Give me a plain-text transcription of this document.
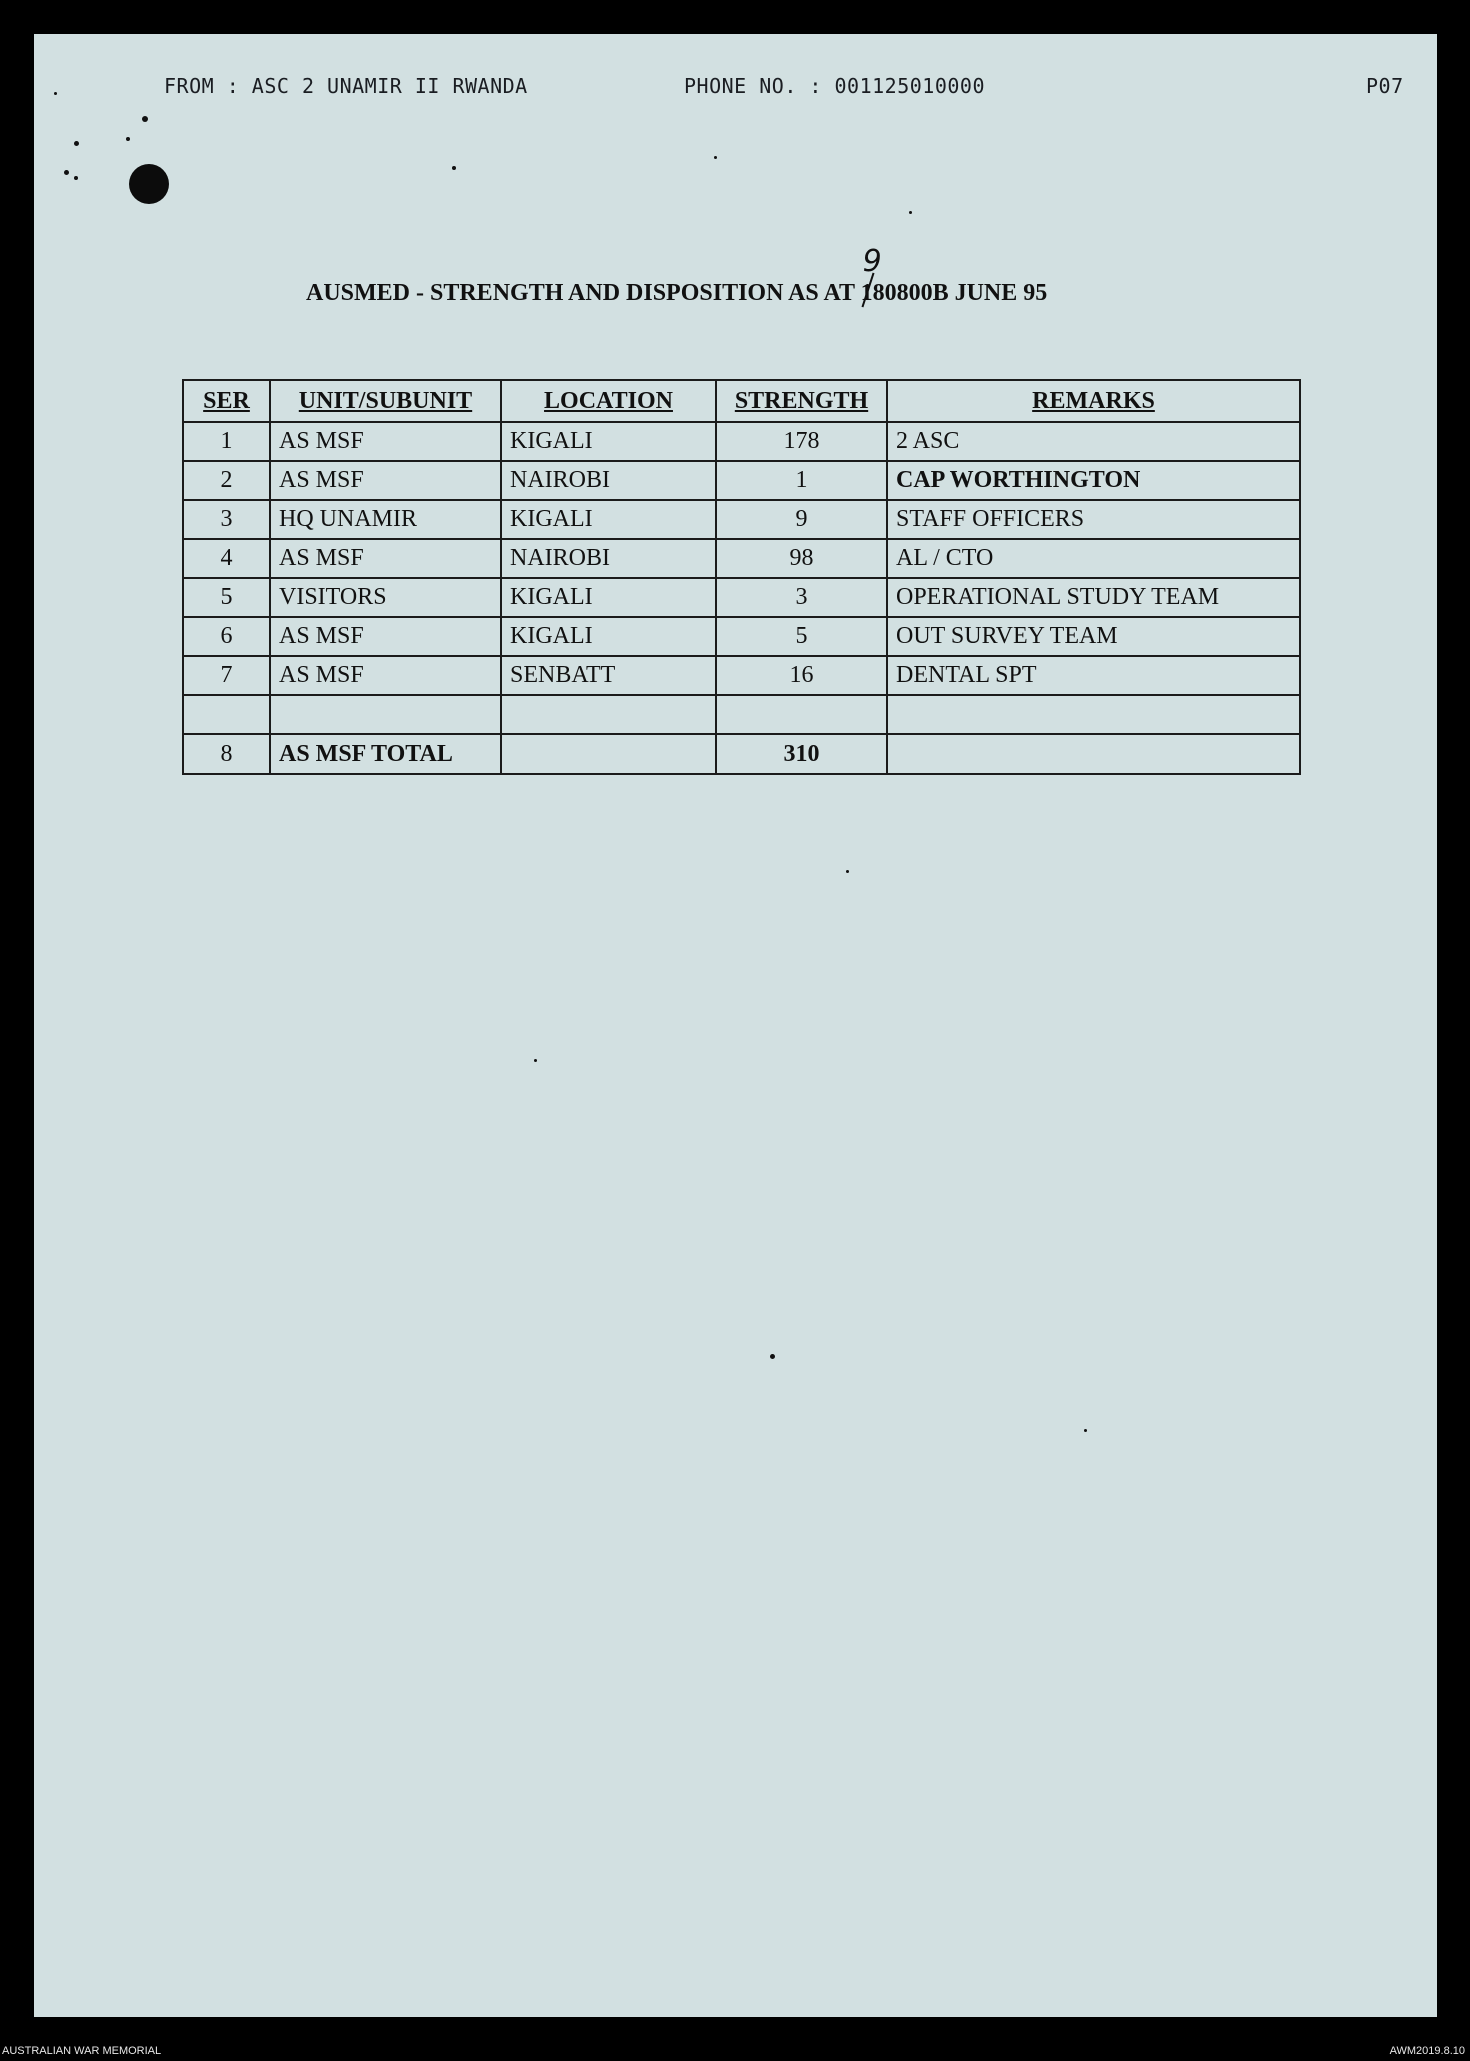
FROM : ASC 2 UNAMIR II RWANDA	PHONE NO. : 001125010000	P07
AUSMED - STRENGTH AND DISPOSITION AS AT
9
180800B JUNE 95
SER	UNIT/SUBUNIT	LOCATION	STRENGTH	REMARKS
1	AS MSF	KIGALI	178	2 ASC
2	AS MSF	NAIROBI	1	CAP WORTHINGTON
3	HQ UNAMIR	KIGALI	9	STAFF OFFICERS
4	AS MSF	NAIROBI	98	AL / CTO
5	VISITORS	KIGALI	3	OPERATIONAL STUDY TEAM
6	AS MSF	KIGALI	5	OUT SURVEY TEAM
7	AS MSF	SENBATT	16	DENTAL SPT

8	AS MSF TOTAL		310	
AUSTRALIAN WAR MEMORIAL	AWM2019.8.10
